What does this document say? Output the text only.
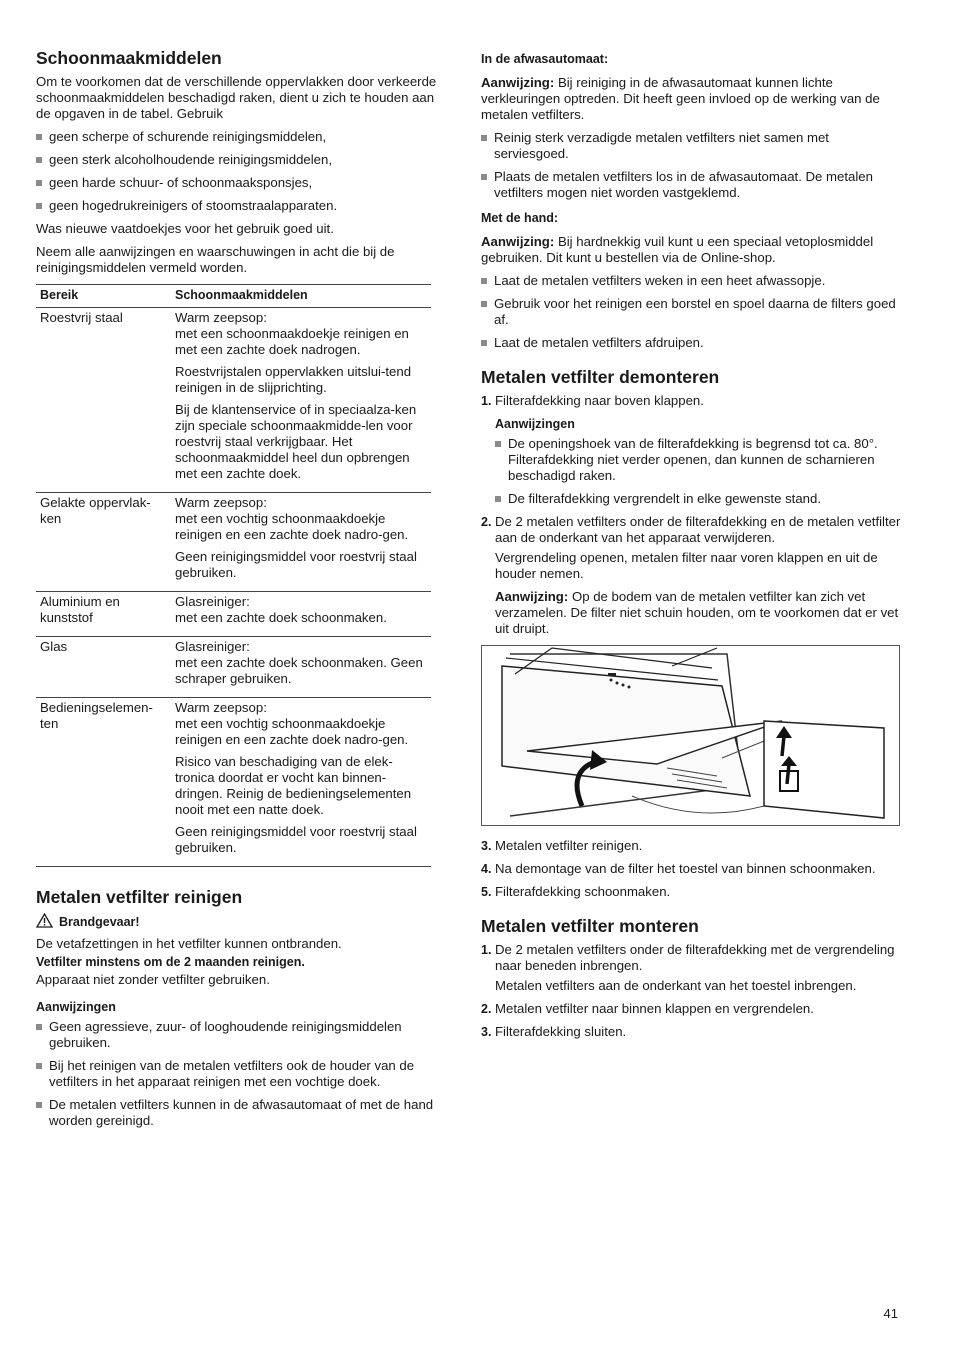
Schoonmaakmiddelen

Om te voorkomen dat de verschillende oppervlakken door verkeerde schoonmaakmiddelen beschadigd raken, dient u zich te houden aan de opgaven in de tabel. Gebruik

geen scherpe of schurende reinigingsmiddelen,
geen sterk alcoholhoudende reinigingsmiddelen,
geen harde schuur- of schoonmaaksponsjes,
geen hogedrukreinigers of stoomstraalapparaten.

Was nieuwe vaatdoekjes voor het gebruik goed uit.

Neem alle aanwijzingen en waarschuwingen in acht die bij de reinigingsmiddelen vermeld worden.

Bereik	Schoonmaakmiddelen
Roestvrij staal	Warm zeepsop:
met een schoonmaakdoekje reinigen en met een zachte doek nadrogen.

Roestvrijstalen oppervlakken uitslui-tend reinigen in de slijprichting.

Bij de klantenservice of in speciaalza-ken zijn speciale schoonmaakmidde-len voor roestvrij staal verkrijgbaar. Het schoonmaakmiddel heel dun opbrengen met een zachte doek.

Gelakte oppervlak-ken	Warm zeepsop:
met een vochtig schoonmaakdoekje reinigen en een zachte doek nadro-gen.

Geen reinigingsmiddel voor roestvrij staal gebruiken.

Aluminium en kunststof	Glasreiniger:
met een zachte doek schoonmaken.

Glas	Glasreiniger:
met een zachte doek schoonmaken. Geen schraper gebruiken.

Bedieningselemen-ten	Warm zeepsop:
met een vochtig schoonmaakdoekje reinigen en een zachte doek nadro-gen.

Risico van beschadiging van de elek-tronica doordat er vocht kan binnen-dringen. Reinig de bedieningselementen nooit met een natte doek.

Geen reinigingsmiddel voor roestvrij staal gebruiken.

Metalen vetfilter reinigen
Brandgevaar!

De vetafzettingen in het vetfilter kunnen ontbranden.

Vetfilter minstens om de 2 maanden reinigen.

Apparaat niet zonder vetfilter gebruiken.

Aanwijzingen
Geen agressieve, zuur- of looghoudende reinigingsmiddelen gebruiken.
Bij het reinigen van de metalen vetfilters ook de houder van de vetfilters in het apparaat reinigen met een vochtige doek.
De metalen vetfilters kunnen in de afwasautomaat of met de hand worden gereinigd.
In de afwasautomaat:

Aanwijzing: Bij reiniging in de afwasautomaat kunnen lichte verkleuringen optreden. Dit heeft geen invloed op de werking van de metalen vetfilters.

Reinig sterk verzadigde metalen vetfilters niet samen met serviesgoed.
Plaats de metalen vetfilters los in de afwasautomaat. De metalen vetfilters mogen niet worden vastgeklemd.
Met de hand:

Aanwijzing: Bij hardnekkig vuil kunt u een speciaal vetoplosmiddel gebruiken. Dit kunt u bestellen via de Online-shop.

Laat de metalen vetfilters weken in een heet afwassopje.
Gebruik voor het reinigen een borstel en spoel daarna de filters goed af.
Laat de metalen vetfilters afdruipen.
Metalen vetfilter demonteren
1. Filterafdekking naar boven klappen.
Aanwijzingen
De openingshoek van de filterafdekking is begrensd tot ca. 80°. Filterafdekking niet verder openen, dan kunnen de scharnieren beschadigd raken.
De filterafdekking vergrendelt in elke gewenste stand.
2. De 2 metalen vetfilters onder de filterafdekking en de metalen vetfilter aan de onderkant van het apparaat verwijderen.

Vergrendeling openen, metalen filter naar voren klappen en uit de houder nemen.

Aanwijzing: Op de bodem van de metalen vetfilter kan zich vet verzamelen. De filter niet schuin houden, om te voorkomen dat er vet uit druipt.

3. Metalen vetfilter reinigen.
4. Na demontage van de filter het toestel van binnen schoonmaken.
5. Filterafdekking schoonmaken.
Metalen vetfilter monteren
1. De 2 metalen vetfilters onder de filterafdekking met de vergrendeling naar beneden inbrengen.

Metalen vetfilters aan de onderkant van het toestel inbrengen.

2. Metalen vetfilter naar binnen klappen en vergrendelen.
3. Filterafdekking sluiten.
41
